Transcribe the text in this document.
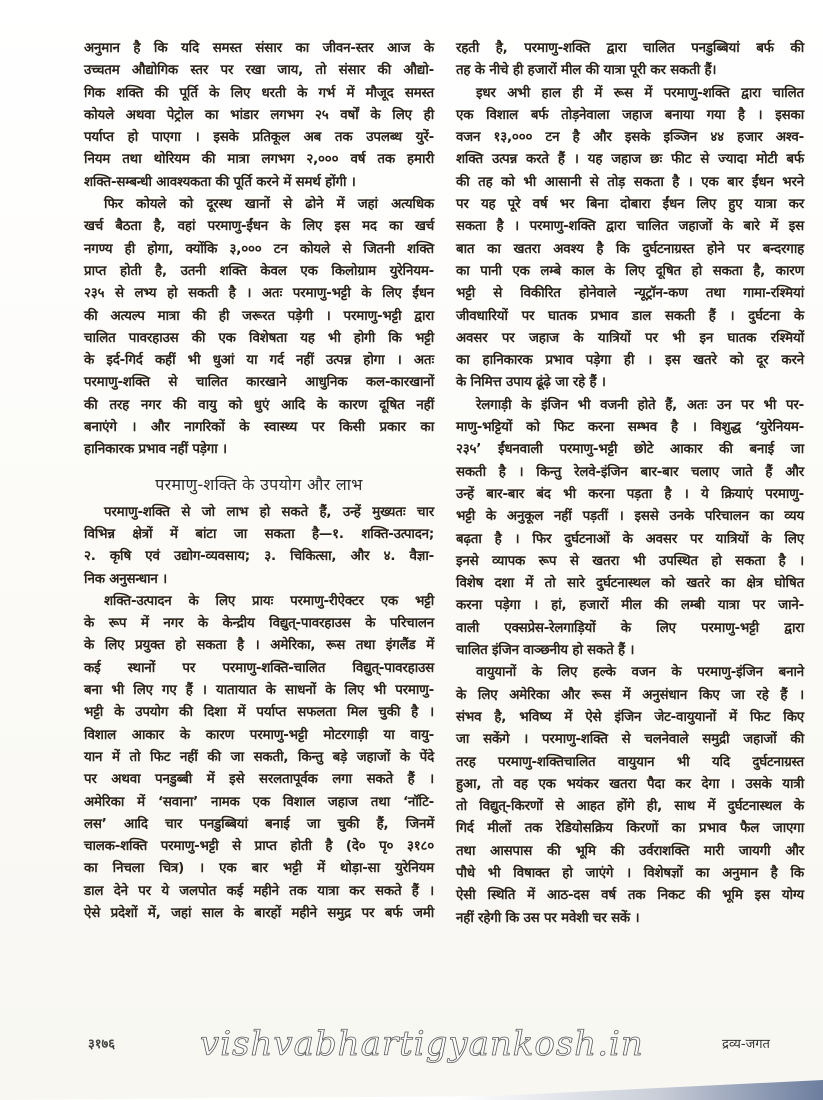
अनुमान है कि यदि समस्त संसार का जीवन-स्तर आज के
उच्चतम औद्योगिक स्तर पर रखा जाय, तो संसार की औद्यो-
गिक शक्ति की पूर्ति के लिए धरती के गर्भ में मौजूद समस्त
कोयले अथवा पेट्रोल का भांडार लगभग २५ वर्षों के लिए ही
पर्याप्त हो पाएगा । इसके प्रतिकूल अब तक उपलब्ध युरें-
नियम तथा थोरियम की मात्रा लगभग २,००० वर्ष तक हमारी
शक्ति-सम्बन्धी आवश्यकता की पूर्ति करने में समर्थ होंगी ।
फिर कोयले को दूरस्थ खानों से ढोने में जहां अत्यधिक
खर्च बैठता है, वहां परमाणु-ईंधन के लिए इस मद का खर्च
नगण्य ही होगा, क्योंकि ३,००० टन कोयले से जितनी शक्ति
प्राप्त होती है, उतनी शक्ति केवल एक किलोग्राम युरेनियम-
२३५ से लभ्य हो सकती है । अतः परमाणु-भट्टी के लिए ईंधन
की अत्यल्प मात्रा की ही जरूरत पड़ेगी । परमाणु-भट्टी द्वारा
चालित पावरहाउस की एक विशेषता यह भी होगी कि भट्टी
के इर्द-गिर्द कहीं भी धुआं या गर्द नहीं उत्पन्न होगा । अतः
परमाणु-शक्ति से चालित कारखाने आधुनिक कल-कारखानों
की तरह नगर की वायु को धुएं आदि के कारण दूषित नहीं
बनाएंगे । और नागरिकों के स्वास्थ्य पर किसी प्रकार का
हानिकारक प्रभाव नहीं पड़ेगा ।
परमाणु-शक्ति के उपयोग और लाभ
परमाणु-शक्ति से जो लाभ हो सकते हैं, उन्हें मुख्यतः चार
विभिन्न क्षेत्रों में बांटा जा सकता है—१. शक्ति-उत्पादन;
२. कृषि एवं उद्योग-व्यवसाय; ३. चिकित्सा, और ४. वैज्ञा-
निक अनुसन्धान ।
शक्ति-उत्पादन के लिए प्रायः परमाणु-रीऐक्टर एक भट्टी
के रूप में नगर के केन्द्रीय विद्युत्-पावरहाउस के परिचालन
के लिए प्रयुक्त हो सकता है । अमेरिका, रूस तथा इंगलैंड में
कई स्थानों पर परमाणु-शक्ति-चालित विद्युत्-पावरहाउस
बना भी लिए गए हैं । यातायात के साधनों के लिए भी परमाणु-
भट्टी के उपयोग की दिशा में पर्याप्त सफलता मिल चुकी है ।
विशाल आकार के कारण परमाणु-भट्टी मोटरगाड़ी या वायु-
यान में तो फिट नहीं की जा सकती, किन्तु बड़े जहाजों के पेंदे
पर अथवा पनडुब्बी में इसे सरलतापूर्वक लगा सकते हैं ।
अमेरिका में ‘सवाना’ नामक एक विशाल जहाज तथा ‘नॉटि-
लस’ आदि चार पनडुब्बियां बनाई जा चुकी हैं, जिनमें
चालक-शक्ति परमाणु-भट्टी से प्राप्त होती है (दे० पृ० ३१८०
का निचला चित्र) । एक बार भट्टी में थोड़ा-सा युरेनियम
डाल देने पर ये जलपोत कई महीने तक यात्रा कर सकते हैं ।
ऐसे प्रदेशों में, जहां साल के बारहों महीने समुद्र पर बर्फ जमी
रहती है, परमाणु-शक्ति द्वारा चालित पनडुब्बियां बर्फ की
तह के नीचे ही हजारों मील की यात्रा पूरी कर सकती हैं।
इधर अभी हाल ही में रूस में परमाणु-शक्ति द्वारा चालित
एक विशाल बर्फ तोड़नेवाला जहाज बनाया गया है । इसका
वजन १३,००० टन है और इसके इञ्जिन ४४ हजार अश्व-
शक्ति उत्पन्न करते हैं । यह जहाज छः फीट से ज्यादा मोटी बर्फ
की तह को भी आसानी से तोड़ सकता है । एक बार ईंधन भरने
पर यह पूरे वर्ष भर बिना दोबारा ईंधन लिए हुए यात्रा कर
सकता है । परमाणु-शक्ति द्वारा चालित जहाजों के बारे में इस
बात का खतरा अवश्य है कि दुर्घटनाग्रस्त होने पर बन्दरगाह
का पानी एक लम्बे काल के लिए दूषित हो सकता है, कारण
भट्टी से विकीरित होनेवाले न्यूट्रॉन-कण तथा गामा-रश्मियां
जीवधारियों पर घातक प्रभाव डाल सकती हैं । दुर्घटना के
अवसर पर जहाज के यात्रियों पर भी इन घातक रश्मियों
का हानिकारक प्रभाव पड़ेगा ही । इस खतरे को दूर करने
के निमित्त उपाय ढूंढ़े जा रहे हैं ।
रेलगाड़ी के इंजिन भी वजनी होते हैं, अतः उन पर भी पर-
माणु-भट्टियों को फिट करना सम्भव है । विशुद्ध ‘युरेनियम-
२३५’ ईंधनवाली परमाणु-भट्टी छोटे आकार की बनाई जा
सकती है । किन्तु रेलवे-इंजिन बार-बार चलाए जाते हैं और
उन्हें बार-बार बंद भी करना पड़ता है । ये क्रियाएं परमाणु-
भट्टी के अनुकूल नहीं पड़तीं । इससे उनके परिचालन का व्यय
बढ़ता है । फिर दुर्घटनाओं के अवसर पर यात्रियों के लिए
इनसे व्यापक रूप से खतरा भी उपस्थित हो सकता है ।
विशेष दशा में तो सारे दुर्घटनास्थल को खतरे का क्षेत्र घोषित
करना पड़ेगा । हां, हजारों मील की लम्बी यात्रा पर जाने-
वाली एक्सप्रेस-रेलगाड़ियों के लिए परमाणु-भट्टी द्वारा
चालित इंजिन वाञ्छनीय हो सकते हैं ।
वायुयानों के लिए हल्के वजन के परमाणु-इंजिन बनाने
के लिए अमेरिका और रूस में अनुसंधान किए जा रहे हैं ।
संभव है, भविष्य में ऐसे इंजिन जेट-वायुयानों में फिट किए
जा सकेंगे । परमाणु-शक्ति से चलनेवाले समुद्री जहाजों की
तरह परमाणु-शक्तिचालित वायुयान भी यदि दुर्घटनाग्रस्त
हुआ, तो वह एक भयंकर खतरा पैदा कर देगा । उसके यात्री
तो विद्युत्-किरणों से आहत होंगे ही, साथ में दुर्घटनास्थल के
गिर्द मीलों तक रेडियोसक्रिय किरणों का प्रभाव फैल जाएगा
तथा आसपास की भूमि की उर्वराशक्ति मारी जायगी और
पौधे भी विषाक्त हो जाएंगे । विशेषज्ञों का अनुमान है कि
ऐसी स्थिति में आठ-दस वर्ष तक निकट की भूमि इस योग्य
नहीं रहेगी कि उस पर मवेशी चर सकें ।
३१७६ vishvabhartigyankosh.in	द्रव्य-जगत
